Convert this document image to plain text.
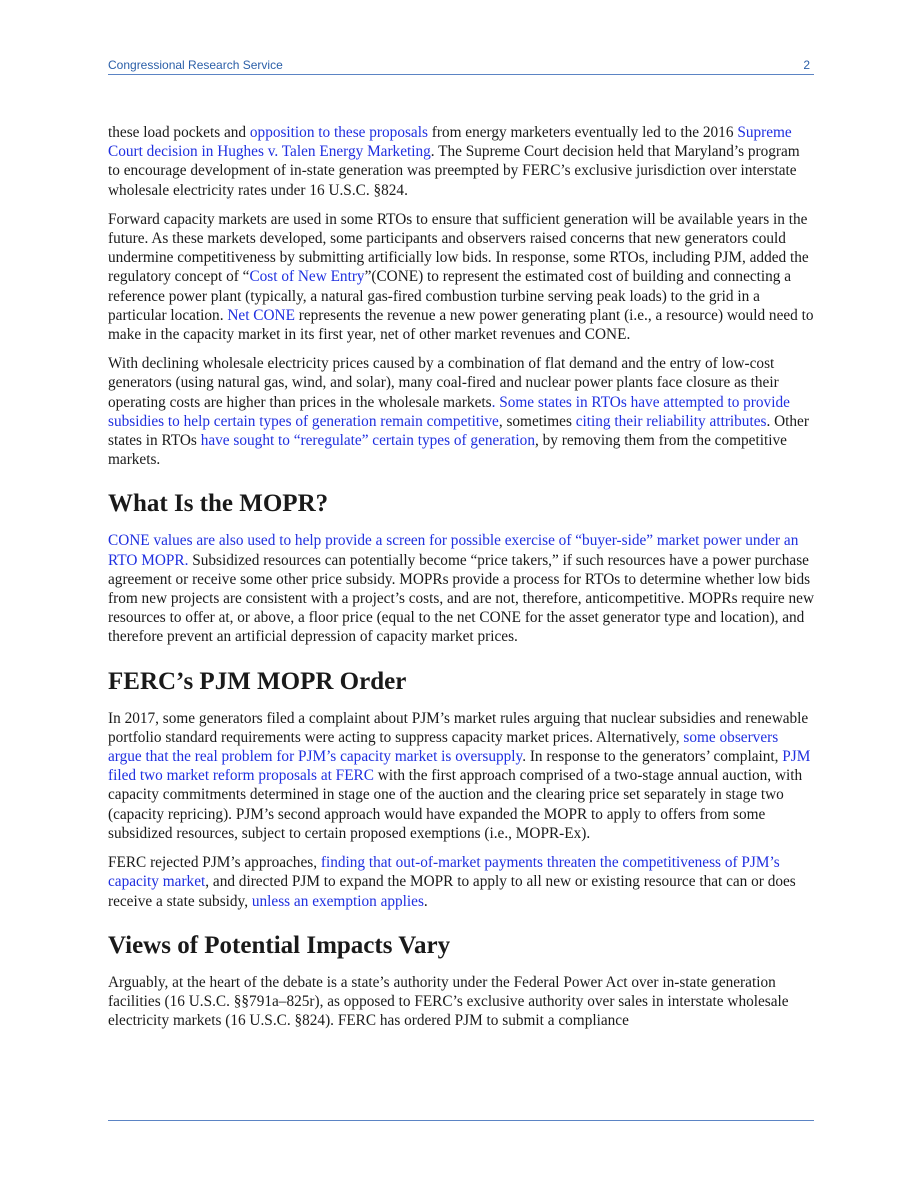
Congressional Research Service	2

these load pockets and opposition to these proposals from energy marketers eventually led to the 2016 Supreme Court decision in Hughes v. Talen Energy Marketing. The Supreme Court decision held that Maryland’s program to encourage development of in-state generation was preempted by FERC’s exclusive jurisdiction over interstate wholesale electricity rates under 16 U.S.C. §824.

Forward capacity markets are used in some RTOs to ensure that sufficient generation will be available years in the future. As these markets developed, some participants and observers raised concerns that new generators could undermine competitiveness by submitting artificially low bids. In response, some RTOs, including PJM, added the regulatory concept of “Cost of New Entry”(CONE) to represent the estimated cost of building and connecting a reference power plant (typically, a natural gas-fired combustion turbine serving peak loads) to the grid in a particular location. Net CONE represents the revenue a new power generating plant (i.e., a resource) would need to make in the capacity market in its first year, net of other market revenues and CONE.

With declining wholesale electricity prices caused by a combination of flat demand and the entry of low-cost generators (using natural gas, wind, and solar), many coal-fired and nuclear power plants face closure as their operating costs are higher than prices in the wholesale markets. Some states in RTOs have attempted to provide subsidies to help certain types of generation remain competitive, sometimes citing their reliability attributes. Other states in RTOs have sought to “reregulate” certain types of generation, by removing them from the competitive markets.

What Is the MOPR?

CONE values are also used to help provide a screen for possible exercise of “buyer-side” market power under an RTO MOPR. Subsidized resources can potentially become “price takers,” if such resources have a power purchase agreement or receive some other price subsidy. MOPRs provide a process for RTOs to determine whether low bids from new projects are consistent with a project’s costs, and are not, therefore, anticompetitive. MOPRs require new resources to offer at, or above, a floor price (equal to the net CONE for the asset generator type and location), and therefore prevent an artificial depression of capacity market prices.

FERC’s PJM MOPR Order

In 2017, some generators filed a complaint about PJM’s market rules arguing that nuclear subsidies and renewable portfolio standard requirements were acting to suppress capacity market prices. Alternatively, some observers argue that the real problem for PJM’s capacity market is oversupply. In response to the generators’ complaint, PJM filed two market reform proposals at FERC with the first approach comprised of a two-stage annual auction, with capacity commitments determined in stage one of the auction and the clearing price set separately in stage two (capacity repricing). PJM’s second approach would have expanded the MOPR to apply to offers from some subsidized resources, subject to certain proposed exemptions (i.e., MOPR-Ex).

FERC rejected PJM’s approaches, finding that out-of-market payments threaten the competitiveness of PJM’s capacity market, and directed PJM to expand the MOPR to apply to all new or existing resource that can or does receive a state subsidy, unless an exemption applies.

Views of Potential Impacts Vary

Arguably, at the heart of the debate is a state’s authority under the Federal Power Act over in-state generation facilities (16 U.S.C. §§791a–825r), as opposed to FERC’s exclusive authority over sales in interstate wholesale electricity markets (16 U.S.C. §824). FERC has ordered PJM to submit a compliance
